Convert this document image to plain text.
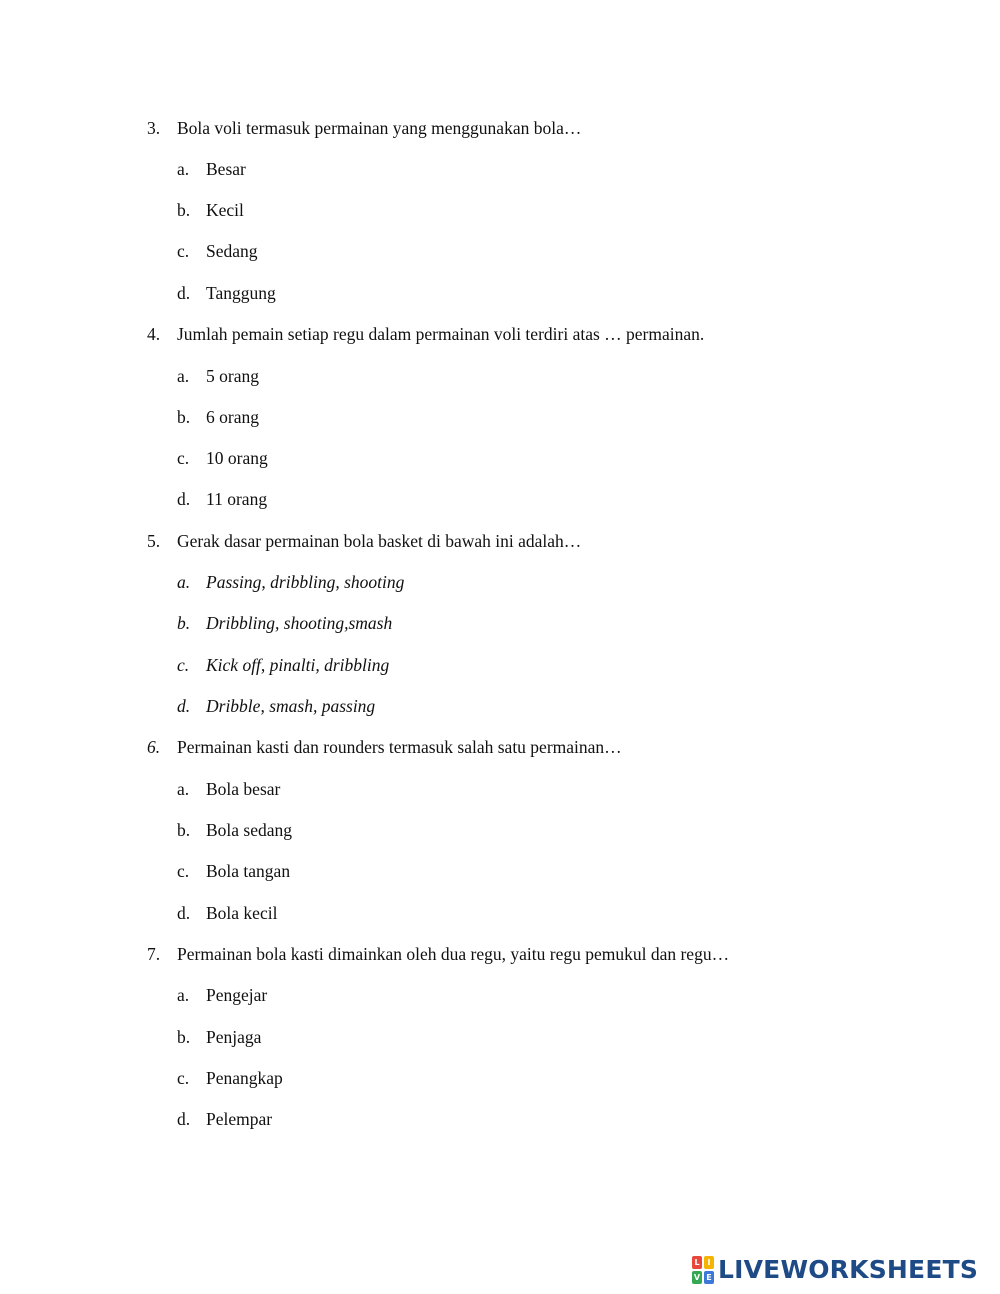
3. Bola voli termasuk permainan yang menggunakan bola…
a. Besar
b. Kecil
c. Sedang
d. Tanggung
4. Jumlah pemain setiap regu dalam permainan voli terdiri atas … permainan.
a. 5 orang
b. 6 orang
c. 10 orang
d. 11 orang
5. Gerak dasar permainan bola basket di bawah ini adalah…
a. Passing, dribbling, shooting
b. Dribbling, shooting,smash
c. Kick off, pinalti, dribbling
d. Dribble, smash, passing
6. Permainan kasti dan rounders termasuk salah satu permainan…
a. Bola besar
b. Bola sedang
c. Bola tangan
d. Bola kecil
7. Permainan bola kasti dimainkan oleh dua regu, yaitu regu pemukul dan regu…
a. Pengejar
b. Penjaga
c. Penangkap
d. Pelempar
L I
V E LIVEWORKSHEETS
